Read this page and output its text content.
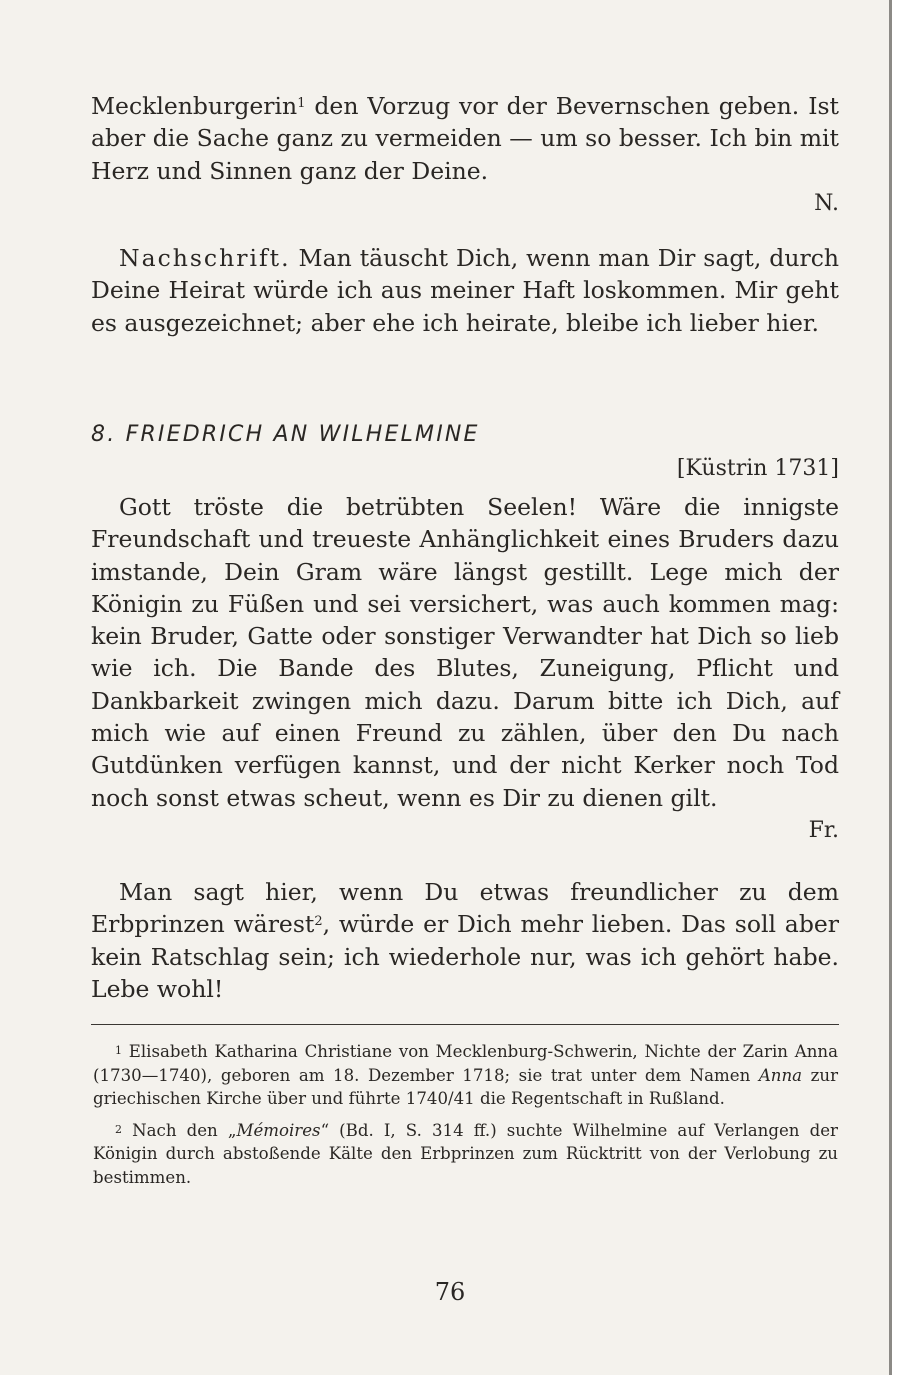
Mecklenburgerin$^1$ den Vorzug vor der Bevernschen geben. Ist aber die Sache ganz zu vermeiden — um so besser. Ich bin mit Herz und Sinnen ganz der Deine.

N.

Nachschrift. Man täuscht Dich, wenn man Dir sagt, durch Deine Heirat würde ich aus meiner Haft loskommen. Mir geht es ausgezeichnet; aber ehe ich heirate, bleibe ich lieber hier.

8. FRIEDRICH AN WILHELMINE

[Küstrin 1731]

Gott tröste die betrübten Seelen! Wäre die innigste Freundschaft und treueste Anhänglichkeit eines Bruders dazu imstande, Dein Gram wäre längst gestillt. Lege mich der Königin zu Füßen und sei versichert, was auch kommen mag: kein Bruder, Gatte oder sonstiger Verwandter hat Dich so lieb wie ich. Die Bande des Blutes, Zuneigung, Pflicht und Dankbarkeit zwingen mich dazu. Darum bitte ich Dich, auf mich wie auf einen Freund zu zählen, über den Du nach Gutdünken verfügen kannst, und der nicht Kerker noch Tod noch sonst etwas scheut, wenn es Dir zu dienen gilt.

Fr.

Man sagt hier, wenn Du etwas freundlicher zu dem Erbprinzen wärest$^2$, würde er Dich mehr lieben. Das soll aber kein Ratschlag sein; ich wiederhole nur, was ich gehört habe. Lebe wohl!

$^1$ Elisabeth Katharina Christiane von Mecklenburg-Schwerin, Nichte der Zarin Anna (1730—1740), geboren am 18. Dezember 1718; sie trat unter dem Namen Anna zur griechischen Kirche über und führte 1740/41 die Regentschaft in Rußland.

$^2$ Nach den „Mémoires“ (Bd. I, S. 314 ff.) suchte Wilhelmine auf Verlangen der Königin durch abstoßende Kälte den Erbprinzen zum Rücktritt von der Verlobung zu bestimmen.

76
